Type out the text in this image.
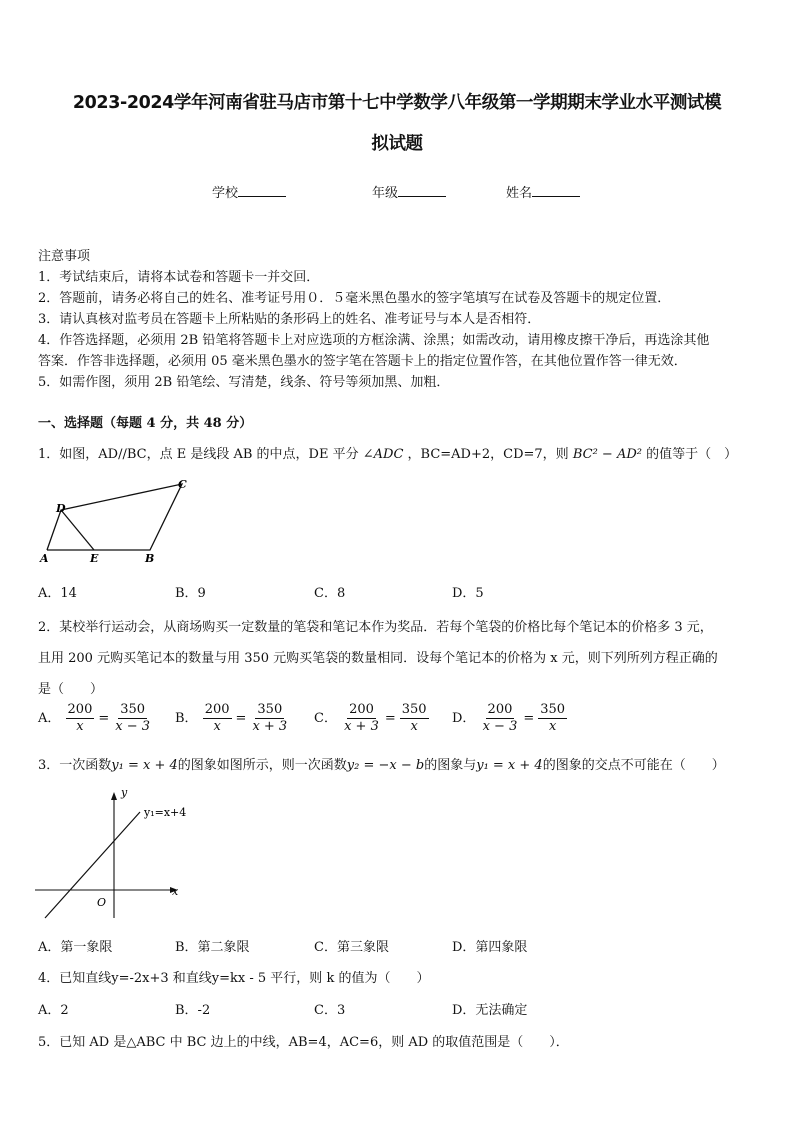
2023-2024学年河南省驻马店市第十七中学数学八年级第一学期期末学业水平测试模
拟试题
学校	年级	姓名
注意事项
1．考试结束后，请将本试卷和答题卡一并交回．
2．答题前，请务必将自己的姓名、准考证号用０．５毫米黑色墨水的签字笔填写在试卷及答题卡的规定位置．
3．请认真核对监考员在答题卡上所粘贴的条形码上的姓名、准考证号与本人是否相符．
4．作答选择题，必须用 2B 铅笔将答题卡上对应选项的方框涂满、涂黑；如需改动，请用橡皮擦干净后，再选涂其他
答案．作答非选择题，必须用 05 毫米黑色墨水的签字笔在答题卡上的指定位置作答，在其他位置作答一律无效．
5．如需作图，须用 2B 铅笔绘、写清楚，线条、符号等须加黑、加粗．
一、选择题（每题 4 分，共 48 分）
1．如图，AD//BC，点 E 是线段 AB 的中点，DE 平分 ∠ADC ，BC=AD+2，CD=7，则 BC² − AD² 的值等于（　）
D
C
A	E	B
A．14	B．9	C．8	D．5
2．某校举行运动会，从商场购买一定数量的笔袋和笔记本作为奖品．若每个笔袋的价格比每个笔记本的价格多 3 元，
且用 200 元购买笔记本的数量与用 350 元购买笔袋的数量相同．设每个笔记本的价格为 x 元，则下列所列方程正确的
是（　　）
A． $\frac{200}{x} = \frac{350}{x - 3}$ B． $\frac{200}{x} = \frac{350}{x + 3}$ C． $\frac{200}{x + 3} = \frac{350}{x}$ D． $\frac{200}{x - 3} = \frac{350}{x}$
3．一次函数y₁ = x + 4的图象如图所示，则一次函数y₂ = −x − b的图象与y₁ = x + 4的图象的交点不可能在（　　）
y
x
O
y₁=x+4
A．第一象限	B．第二象限	C．第三象限	D．第四象限
4．已知直线y=-2x+3 和直线y=kx - 5 平行，则 k 的值为（　　）
A．2	B．-2	C．3	D．无法确定
5．已知 AD 是△ABC 中 BC 边上的中线，AB=4，AC=6，则 AD 的取值范围是（　　）．
